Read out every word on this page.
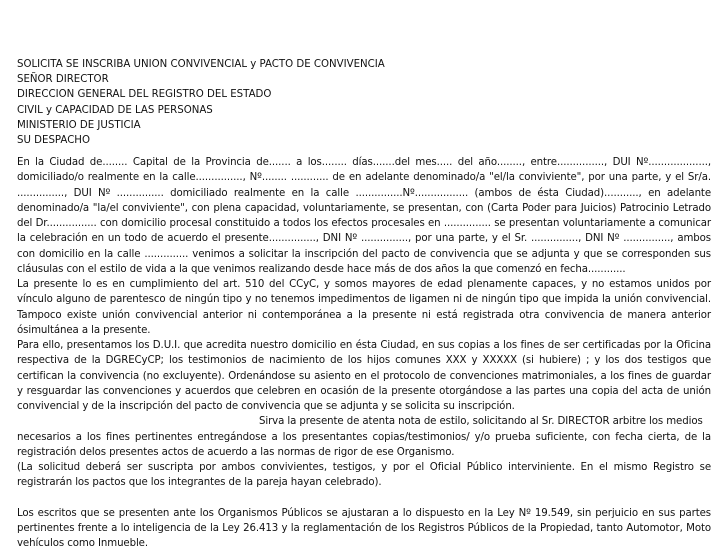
SOLICITA SE INSCRIBA UNION CONVIVENCIAL y PACTO DE CONVIVENCIA
SEÑOR DIRECTOR
DIRECCION GENERAL DEL REGISTRO DEL ESTADO
CIVIL y CAPACIDAD DE LAS PERSONAS
MINISTERIO DE JUSTICIA
SU DESPACHO

En la Ciudad de........ Capital de la Provincia de....... a los........ días.......del mes..... del año........, entre..............., DUI Nº..................., domiciliado/o realmente en la calle..............., Nº........ ............ de en adelante denominado/a "el/la conviviente", por una parte, y el Sr/a. ..............., DUI Nº ............... domiciliado realmente en la calle ...............Nº................. (ambos de ésta Ciudad)..........., en adelante denominado/a "la/el conviviente", con plena capacidad, voluntariamente, se presentan, con (Carta Poder para Juicios) Patrocinio Letrado del Dr................ con domicilio procesal constituido a todos los efectos procesales en ............... se presentan voluntariamente a comunicar la celebración en un todo de acuerdo el presente..............., DNI Nº ..............., por una parte, y el Sr. ..............., DNI Nº ..............., ambos con domicilio en la calle .............. venimos a solicitar la inscripción del pacto de convivencia que se adjunta y que se corresponden sus cláusulas con el estilo de vida a la que venimos realizando desde hace más de dos años la que comenzó en fecha............

La presente lo es en cumplimiento del art. 510 del CCyC, y somos mayores de edad plenamente capaces, y no estamos unidos por vínculo alguno de parentesco de ningún tipo y no tenemos impedimentos de ligamen ni de ningún tipo que impida la unión convivencial. Tampoco existe unión convivencial anterior ni contemporánea a la presente ni está registrada otra convivencia de manera anterior ósimultánea a la presente.

Para ello, presentamos los D.U.I. que acredita nuestro domicilio en ésta Ciudad, en sus copias a los fines de ser certificadas por la Oficina respectiva de la DGRECyCP; los testimonios de nacimiento de los hijos comunes XXX y XXXXX (si hubiere) ; y los dos testigos que certifican la convivencia (no excluyente). Ordenándose su asiento en el protocolo de convenciones matrimoniales, a los fines de guardar y resguardar las convenciones y acuerdos que celebren en ocasión de la presente otorgándose a las partes una copia del acta de unión convivencial y de la inscripción del pacto de convivencia que se adjunta y se solicita su inscripción.

Sirva la presente de atenta nota de estilo, solicitando al Sr. DIRECTOR arbitre los medios

necesarios a los fines pertinentes entregándose a los presentantes copias/testimonios/ y/o prueba suficiente, con fecha cierta, de la registración delos presentes actos de acuerdo a las normas de rigor de ese Organismo.

(La solicitud deberá ser suscripta por ambos convivientes, testigos, y por el Oficial Público interviniente. En el mismo Registro se registrarán los pactos que los integrantes de la pareja hayan celebrado).

Los escritos que se presenten ante los Organismos Públicos se ajustaran a lo dispuesto en la Ley Nº 19.549, sin perjuicio en sus partes pertinentes frente a lo inteligencia de la Ley 26.413 y la reglamentación de los Registros Públicos de la Propiedad, tanto Automotor, Moto vehículos como Inmueble.
